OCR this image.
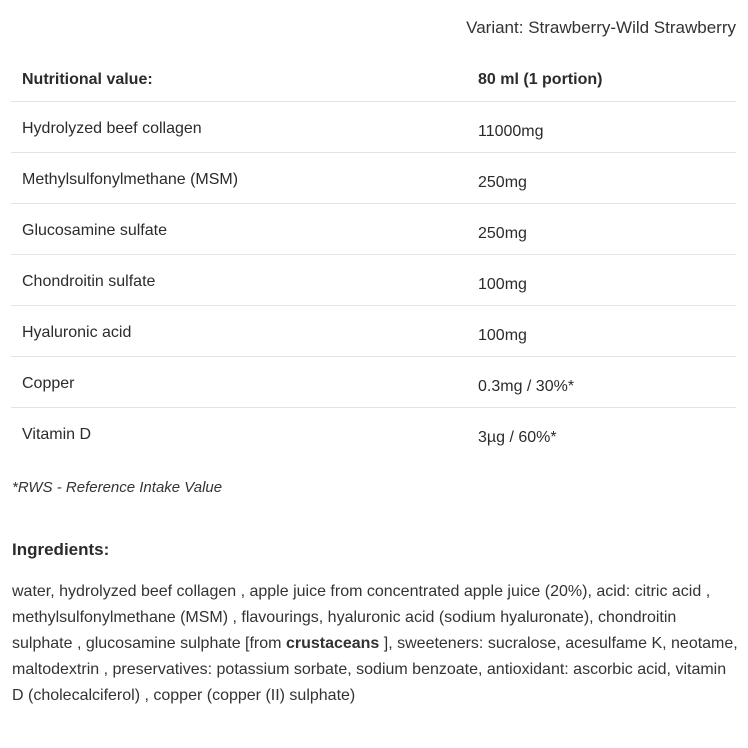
Variant: Strawberry-Wild Strawberry
Nutritional value:	80 ml (1 portion)
Hydrolyzed beef collagen	11000mg
Methylsulfonylmethane (MSM)	250mg
Glucosamine sulfate	250mg
Chondroitin sulfate	100mg
Hyaluronic acid	100mg
Copper	0.3mg / 30%*
Vitamin D	3µg / 60%*
*RWS - Reference Intake Value
Ingredients:
water, hydrolyzed beef collagen , apple juice from concentrated apple juice (20%), acid: citric acid , methylsulfonylmethane (MSM) , flavourings, hyaluronic acid (sodium hyaluronate), chondroitin sulphate , glucosamine sulphate [from crustaceans ], sweeteners: sucralose, acesulfame K, neotame, maltodextrin , preservatives: potassium sorbate, sodium benzoate, antioxidant: ascorbic acid, vitamin D (cholecalciferol) , copper (copper (II) sulphate)
